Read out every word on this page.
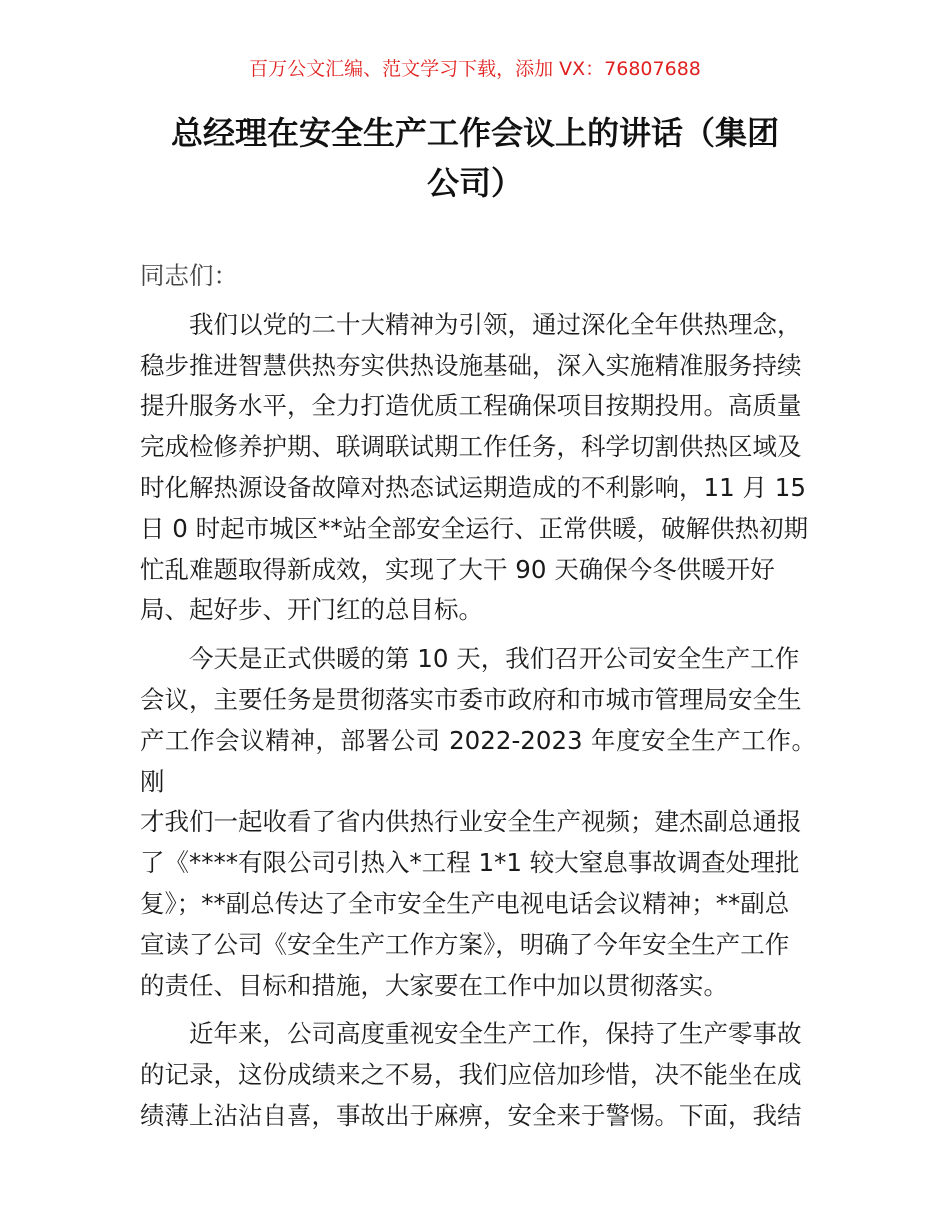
百万公文汇编、范文学习下载，添加 VX：76807688
总经理在安全生产工作会议上的讲话（集团
公司）

同志们：

我们以党的二十大精神为引领，通过深化全年供热理念，
稳步推进智慧供热夯实供热设施基础，深入实施精准服务持续
提升服务水平，全力打造优质工程确保项目按期投用。高质量
完成检修养护期、联调联试期工作任务，科学切割供热区域及
时化解热源设备故障对热态试运期造成的不利影响，11 月 15
日 0 时起市城区**站全部安全运行、正常供暖，破解供热初期
忙乱难题取得新成效，实现了大干 90 天确保今冬供暖开好
局、起好步、开门红的总目标。

今天是正式供暖的第 10 天，我们召开公司安全生产工作
会议，主要任务是贯彻落实市委市政府和市城市管理局安全生
产工作会议精神，部署公司 2022-2023 年度安全生产工作。刚
才我们一起收看了省内供热行业安全生产视频；建杰副总通报
了《****有限公司引热入*工程 1*1 较大窒息事故调查处理批
复》；**副总传达了全市安全生产电视电话会议精神；**副总
宣读了公司《安全生产工作方案》，明确了今年安全生产工作
的责任、目标和措施，大家要在工作中加以贯彻落实。

近年来，公司高度重视安全生产工作，保持了生产零事故
的记录，这份成绩来之不易，我们应倍加珍惜，决不能坐在成
绩薄上沾沾自喜，事故出于麻痹，安全来于警惕。下面，我结
